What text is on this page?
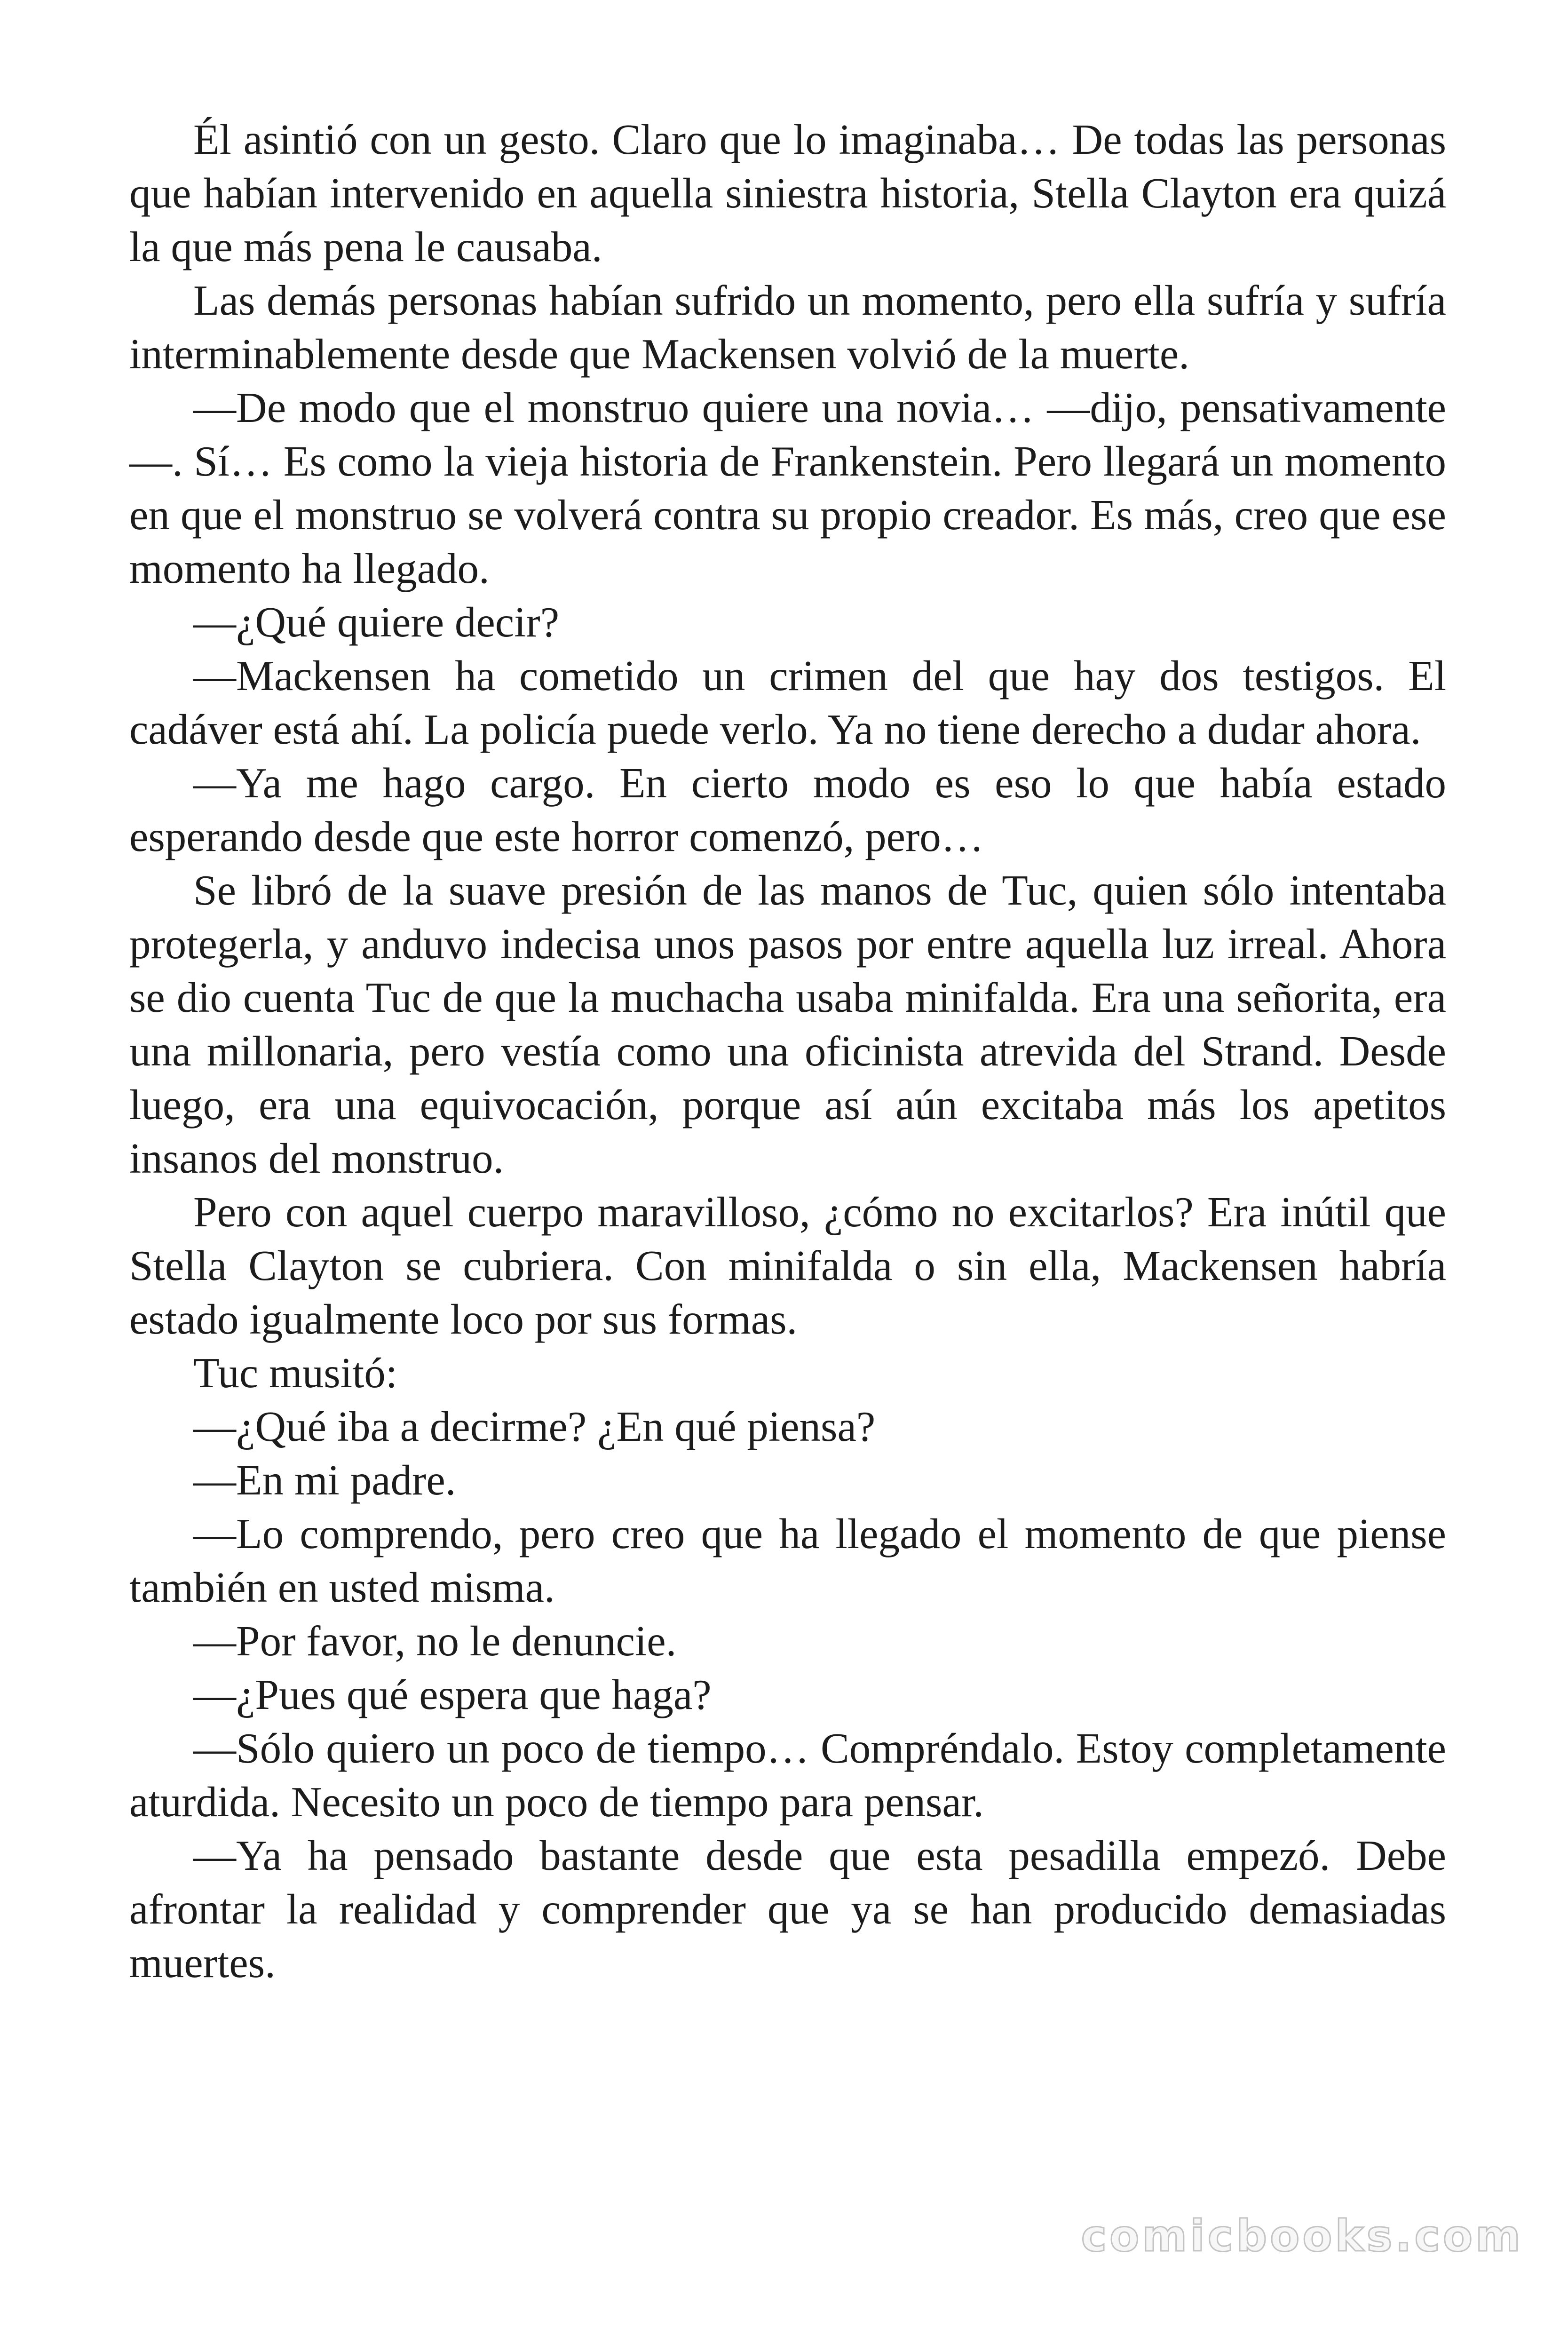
Él asintió con un gesto. Claro que lo imaginaba… De todas las personas que habían intervenido en aquella siniestra historia, Stella Clayton era quizá la que más pena le causaba.

Las demás personas habían sufrido un momento, pero ella sufría y sufría interminablemente desde que Mackensen volvió de la muerte.

—De modo que el monstruo quiere una novia… —dijo, pensativamente—. Sí… Es como la vieja historia de Frankenstein. Pero llegará un momento en que el monstruo se volverá contra su propio creador. Es más, creo que ese momento ha llegado.

—¿Qué quiere decir?

—Mackensen ha cometido un crimen del que hay dos testigos. El cadáver está ahí. La policía puede verlo. Ya no tiene derecho a dudar ahora.

—Ya me hago cargo. En cierto modo es eso lo que había estado esperando desde que este horror comenzó, pero…

Se libró de la suave presión de las manos de Tuc, quien sólo intentaba protegerla, y anduvo indecisa unos pasos por entre aquella luz irreal. Ahora se dio cuenta Tuc de que la muchacha usaba minifalda. Era una señorita, era una millonaria, pero vestía como una oficinista atrevida del Strand. Desde luego, era una equivocación, porque así aún excitaba más los apetitos insanos del monstruo.

Pero con aquel cuerpo maravilloso, ¿cómo no excitarlos? Era inútil que Stella Clayton se cubriera. Con minifalda o sin ella, Mackensen habría estado igualmente loco por sus formas.

Tuc musitó:

—¿Qué iba a decirme? ¿En qué piensa?

—En mi padre.

—Lo comprendo, pero creo que ha llegado el momento de que piense también en usted misma.

—Por favor, no le denuncie.

—¿Pues qué espera que haga?

—Sólo quiero un poco de tiempo… Compréndalo. Estoy completamente aturdida. Necesito un poco de tiempo para pensar.

—Ya ha pensado bastante desde que esta pesadilla empezó. Debe afrontar la realidad y comprender que ya se han producido demasiadas muertes.

comicbooks.com
